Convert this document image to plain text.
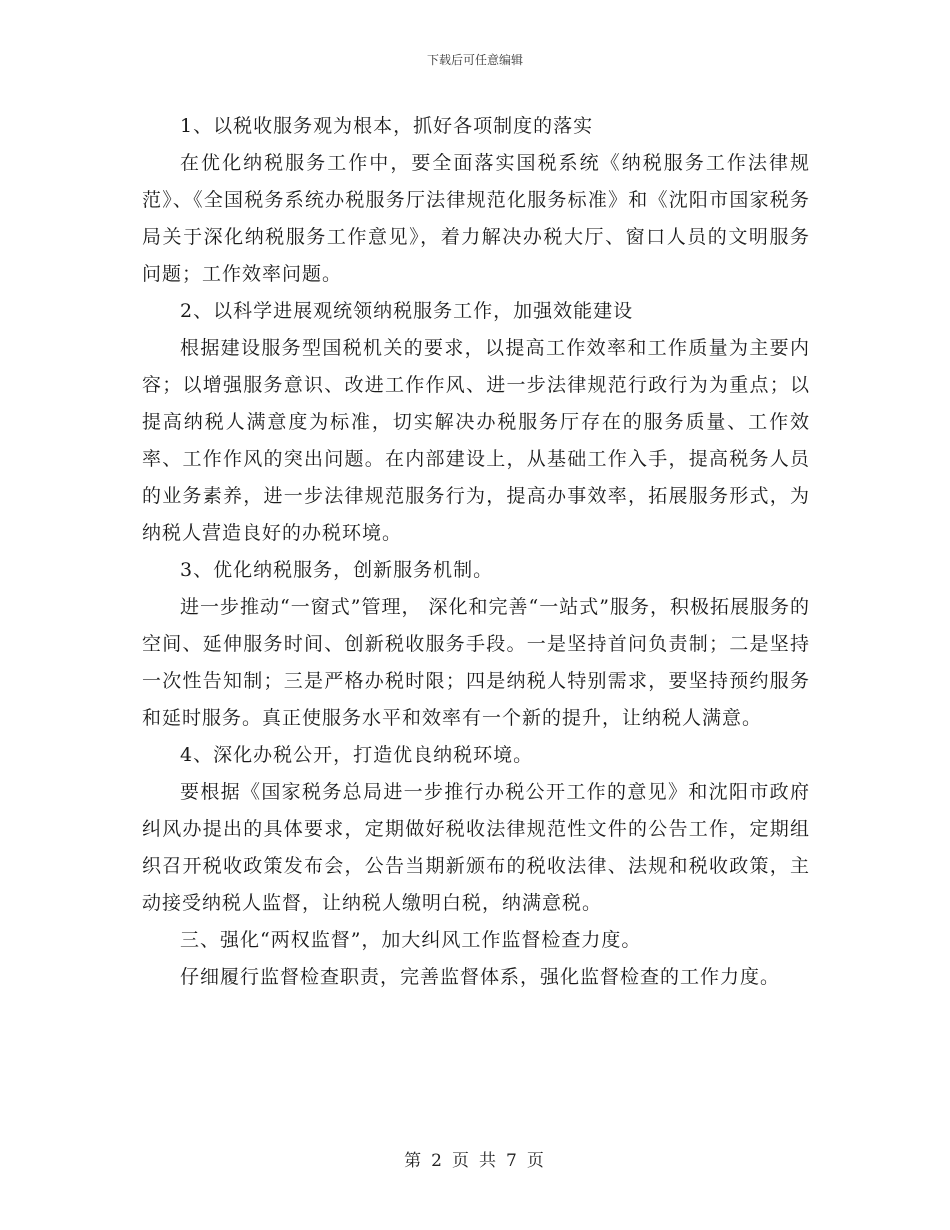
下载后可任意编辑

1、以税收服务观为根本，抓好各项制度的落实

在优化纳税服务工作中，要全面落实国税系统《纳税服务工作法律规范》、《全国税务系统办税服务厅法律规范化服务标准》和《沈阳市国家税务局关于深化纳税服务工作意见》，着力解决办税大厅、窗口人员的文明服务问题；工作效率问题。

2、以科学进展观统领纳税服务工作，加强效能建设

根据建设服务型国税机关的要求，以提高工作效率和工作质量为主要内容；以增强服务意识、改进工作作风、进一步法律规范行政行为为重点；以提高纳税人满意度为标准，切实解决办税服务厅存在的服务质量、工作效率、工作作风的突出问题。在内部建设上，从基础工作入手，提高税务人员的业务素养，进一步法律规范服务行为，提高办事效率，拓展服务形式，为纳税人营造良好的办税环境。

3、优化纳税服务，创新服务机制。

进一步推动“一窗式”管理， 深化和完善“一站式”服务，积极拓展服务的空间、延伸服务时间、创新税收服务手段。一是坚持首问负责制；二是坚持一次性告知制；三是严格办税时限；四是纳税人特别需求，要坚持预约服务和延时服务。真正使服务水平和效率有一个新的提升，让纳税人满意。

4、深化办税公开，打造优良纳税环境。

要根据《国家税务总局进一步推行办税公开工作的意见》和沈阳市政府纠风办提出的具体要求，定期做好税收法律规范性文件的公告工作，定期组织召开税收政策发布会，公告当期新颁布的税收法律、法规和税收政策，主动接受纳税人监督，让纳税人缴明白税，纳满意税。

三、强化“两权监督”，加大纠风工作监督检查力度。

仔细履行监督检查职责，完善监督体系，强化监督检查的工作力度。

第 2 页 共 7 页
